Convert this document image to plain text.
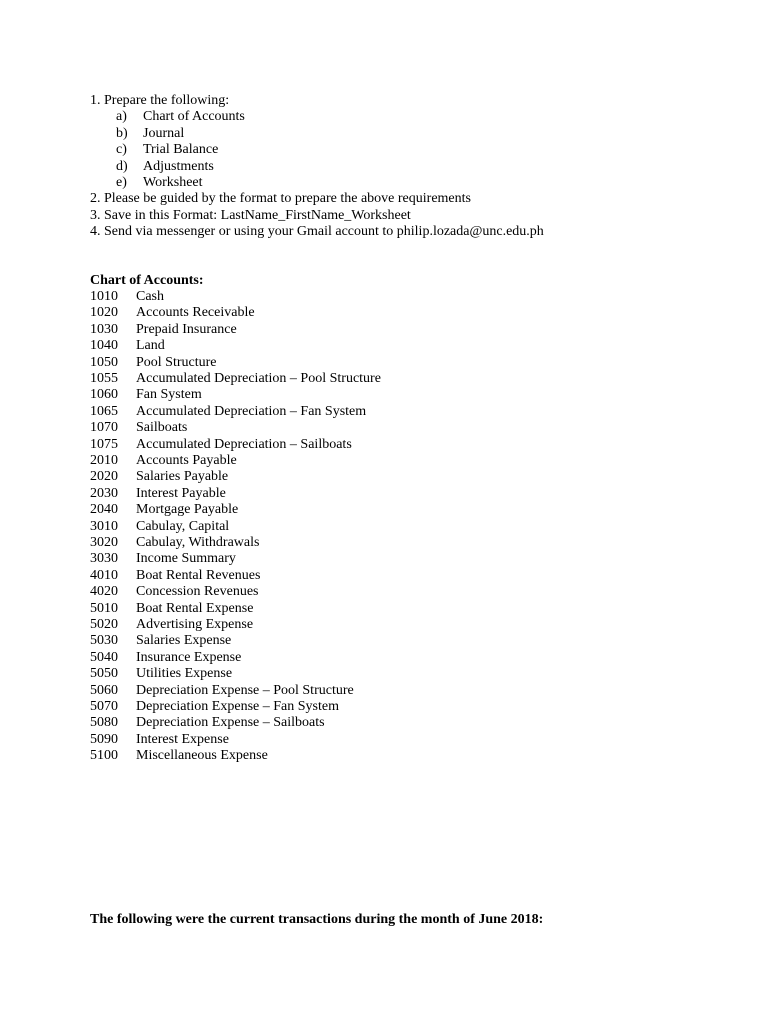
1. Prepare the following:
a)	Chart of Accounts
b)	Journal
c)	Trial Balance
d)	Adjustments
e)	Worksheet
2. Please be guided by the format to prepare the above requirements
3. Save in this Format: LastName_FirstName_Worksheet
4. Send via messenger or using your Gmail account to philip.lozada@unc.edu.ph
Chart of Accounts:
1010 Cash
1020 Accounts Receivable
1030 Prepaid Insurance
1040 Land
1050 Pool Structure
1055 Accumulated Depreciation – Pool Structure
1060 Fan System
1065 Accumulated Depreciation – Fan System
1070 Sailboats
1075 Accumulated Depreciation – Sailboats
2010 Accounts Payable
2020 Salaries Payable
2030 Interest Payable
2040 Mortgage Payable
3010 Cabulay, Capital
3020 Cabulay, Withdrawals
3030 Income Summary
4010 Boat Rental Revenues
4020 Concession Revenues
5010 Boat Rental Expense
5020 Advertising Expense
5030 Salaries Expense
5040 Insurance Expense
5050 Utilities Expense
5060 Depreciation Expense – Pool Structure
5070 Depreciation Expense – Fan System
5080 Depreciation Expense – Sailboats
5090 Interest Expense
5100 Miscellaneous Expense
The following were the current transactions during the month of June 2018:
